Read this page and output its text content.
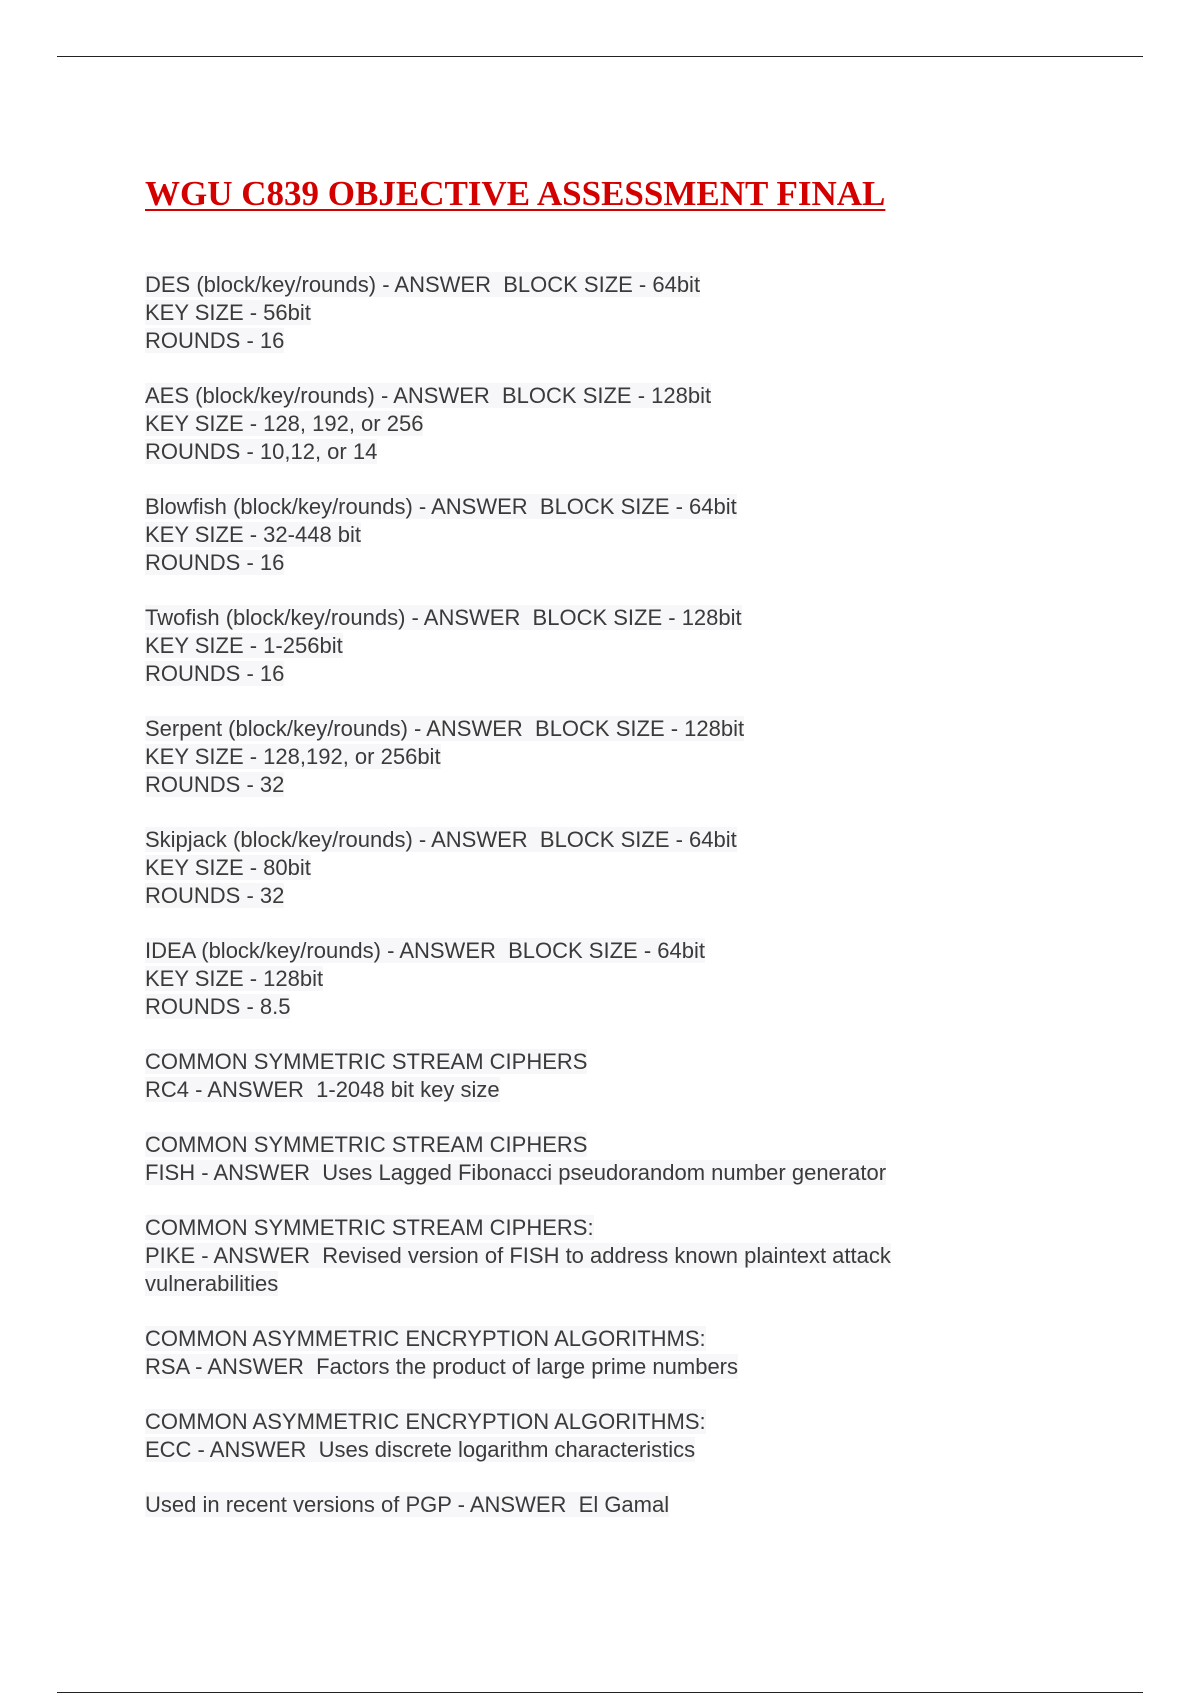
WGU C839 OBJECTIVE ASSESSMENT FINAL
DES (block/key/rounds) - ANSWER  BLOCK SIZE - 64bit
KEY SIZE - 56bit
ROUNDS - 16
AES (block/key/rounds) - ANSWER  BLOCK SIZE - 128bit
KEY SIZE - 128, 192, or 256
ROUNDS - 10,12, or 14
Blowfish (block/key/rounds) - ANSWER  BLOCK SIZE - 64bit
KEY SIZE - 32-448 bit
ROUNDS - 16
Twofish (block/key/rounds) - ANSWER  BLOCK SIZE - 128bit
KEY SIZE - 1-256bit
ROUNDS - 16
Serpent (block/key/rounds) - ANSWER  BLOCK SIZE - 128bit
KEY SIZE - 128,192, or 256bit
ROUNDS - 32
Skipjack (block/key/rounds) - ANSWER  BLOCK SIZE - 64bit
KEY SIZE - 80bit
ROUNDS - 32
IDEA (block/key/rounds) - ANSWER  BLOCK SIZE - 64bit
KEY SIZE - 128bit
ROUNDS - 8.5
COMMON SYMMETRIC STREAM CIPHERS
RC4 - ANSWER  1-2048 bit key size
COMMON SYMMETRIC STREAM CIPHERS
FISH - ANSWER  Uses Lagged Fibonacci pseudorandom number generator
COMMON SYMMETRIC STREAM CIPHERS:
PIKE - ANSWER  Revised version of FISH to address known plaintext attack
vulnerabilities
COMMON ASYMMETRIC ENCRYPTION ALGORITHMS:
RSA - ANSWER  Factors the product of large prime numbers
COMMON ASYMMETRIC ENCRYPTION ALGORITHMS:
ECC - ANSWER  Uses discrete logarithm characteristics
Used in recent versions of PGP - ANSWER  El Gamal
